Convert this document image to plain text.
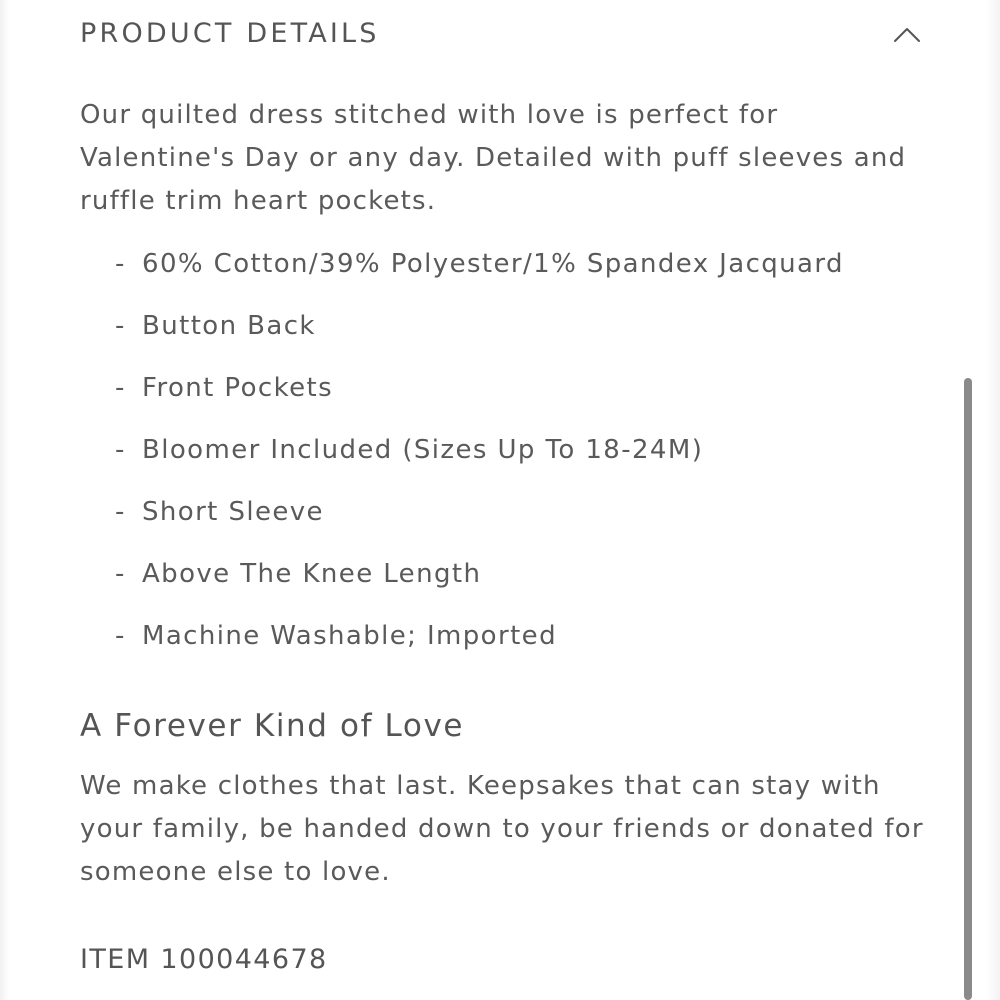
PRODUCT DETAILS

Our quilted dress stitched with love is perfect for Valentine's Day or any day. Detailed with puff sleeves and ruffle trim heart pockets.

- 60% Cotton/39% Polyester/1% Spandex Jacquard
- Button Back
- Front Pockets
- Bloomer Included (Sizes Up To 18-24M)
- Short Sleeve
- Above The Knee Length
- Machine Washable; Imported
A Forever Kind of Love

We make clothes that last. Keepsakes that can stay with your family, be handed down to your friends or donated for someone else to love.

ITEM 100044678
